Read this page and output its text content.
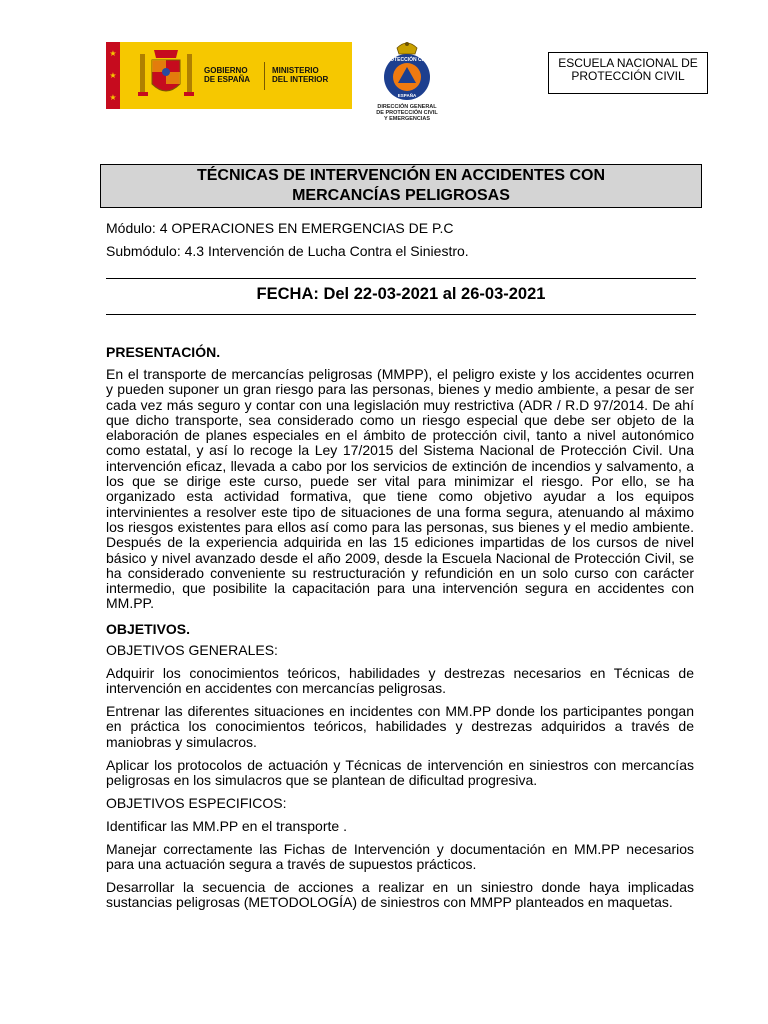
★
★
★
GOBIERNO
DE ESPAÑA
MINISTERIO
DEL INTERIOR
PROTECCIÓN CIVIL
ESPAÑA
DIRECCIÓN GENERAL
DE PROTECCIÓN CIVIL
Y EMERGENCIAS
ESCUELA NACIONAL DE
PROTECCIÓN CIVIL
TÉCNICAS DE INTERVENCIÓN EN ACCIDENTES CON
MERCANCÍAS PELIGROSAS
Módulo: 4 OPERACIONES EN EMERGENCIAS DE P.C
Submódulo: 4.3 Intervención de Lucha Contra el Siniestro.
FECHA: Del 22-03-2021 al 26-03-2021
PRESENTACIÓN.
En el transporte de mercancías peligrosas (MMPP), el peligro existe y los accidentes ocurren y pueden suponer un gran riesgo para las personas, bienes y medio ambiente, a pesar de ser cada vez más seguro y contar con una legislación muy restrictiva (ADR / R.D 97/2014. De ahí que dicho transporte, sea considerado como un riesgo especial que debe ser objeto de la elaboración de planes especiales en el ámbito de protección civil, tanto a nivel autonómico como estatal, y así lo recoge la Ley 17/2015 del Sistema Nacional de Protección Civil. Una intervención eficaz, llevada a cabo por los servicios de extinción de incendios y salvamento, a los que se dirige este curso, puede ser vital para minimizar el riesgo. Por ello, se ha organizado esta actividad formativa, que tiene como objetivo ayudar a los equipos intervinientes a resolver este tipo de situaciones de una forma segura, atenuando al máximo los riesgos existentes para ellos así como para las personas, sus bienes y el medio ambiente. Después de la experiencia adquirida en las 15 ediciones impartidas de los cursos de nivel básico y nivel avanzado desde el año 2009, desde la Escuela Nacional de Protección Civil, se ha considerado conveniente su restructuración y refundición en un solo curso con carácter intermedio, que posibilite la capacitación para una intervención segura en accidentes con MM.PP.
OBJETIVOS.
OBJETIVOS GENERALES:
Adquirir los conocimientos teóricos, habilidades y destrezas necesarios en Técnicas de intervención en accidentes con mercancías peligrosas.
Entrenar las diferentes situaciones en incidentes con MM.PP donde los participantes pongan en práctica los conocimientos teóricos, habilidades y destrezas adquiridos a través de maniobras y simulacros.
Aplicar los protocolos de actuación y Técnicas de intervención en siniestros con mercancías peligrosas en los simulacros que se plantean de dificultad progresiva.
OBJETIVOS ESPECIFICOS:
Identificar las MM.PP en el transporte .
Manejar correctamente las Fichas de Intervención y documentación en MM.PP necesarios para una actuación segura a través de supuestos prácticos.
Desarrollar la secuencia de acciones a realizar en un siniestro donde haya implicadas sustancias peligrosas (METODOLOGÍA) de siniestros con MMPP planteados en maquetas.
